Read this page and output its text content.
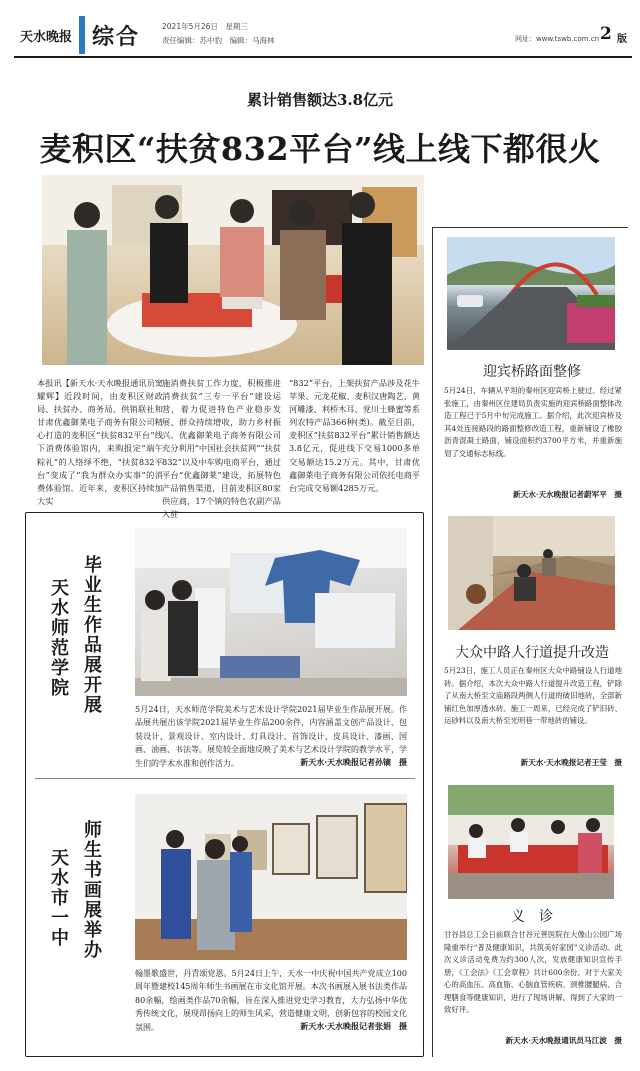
天水晚报 综合	2021年5月26日　星期三
责任编辑：苏中豹　编辑：马海林	网址：www.tswb.com.cn 2 版
累计销售额达3.8亿元
麦积区“扶贫832平台”线上线下都很火
本报讯【新天水·天水晚报通讯员窦耀辉】近段时间，由麦积区财政局、扶贫办、商务局、供销联社和甘肃优鑫御莱电子商务有限公司精心打造的麦积区“扶贫832平台”线下消费体验馆内，来购报定“端午粽礼”的人络绎不绝，“扶贫832平台”变成了“我为群众办实事”的消费体验馆。近年来，麦积区持续加大实
施消费扶贫工作力度，积极推进消费扶贫“三专一平台”建设运营，着力促进特色产业稳步发展、群众持续增收，助力乡村振兴。优鑫御莱电子商务有限公司充分利用“中国社会扶贫网”“扶贫832”以及中车购电商平台，通过平台“优鑫御莱”建设，拓展特色产品销售渠道，目前麦积区80家供应商，17个镇的特色农副产品入驻
“832”平台，上架扶贫产品涉及花牛苹果、元龙花椒、麦积汉唐陶艺、黄河雕漆、利桥木耳、党川土蜂蜜等系列农特产品366种(类)。截至目前，麦积区“扶贫832平台”累计销售额达3.8亿元，促进线下交易1000多单交易额达15.2万元。其中，甘肃优鑫御莱电子商务有限公司依托电商平台完成交易额4285万元。
毕业生作品展开展
天水师范学院
5月24日，天水师范学院美术与艺术设计学院2021届毕业生作品展开展。作品展共展出该学院2021届毕业生作品200余件，内容涵盖文创产品设计、包装设计、景观设计、室内设计、灯具设计、首饰设计、皮具设计、漆画、国画、油画、书法等。展览较全面地反映了美术与艺术设计学院的教学水平，学生们的学术水准和创作活力。	新天水·天水晚报记者孙镝　摄
师生书画展举办
天水市一中
翰墨歌盛世，丹青颂党恩。5月24日上午，天水一中庆祝中国共产党成立100周年暨建校145周年师生书画展在市文化馆开展。本次书画展入展书法类作品80余幅，绘画类作品70余幅，旨在深入推进党史学习教育，大力弘扬中华优秀传统文化，展现昂扬向上的师生风采，营造健康文明，创新包容的校园文化氛围。	新天水·天水晚报记者张娟　摄
迎宾桥路面整修
5月24日，车辆从平坦的秦州区迎宾桥上驶过。经过紧张施工，由秦州区住建局负责实施的迎宾桥路面整体改造工程已于5月中旬完成施工。据介绍，此次迎宾桥及其4处连接路段的路面整修改造工程，重新铺设了橡胶沥青混凝土路面，铺设面积约3700平方米，并重新施划了交通标志标线。
新天水·天水晚报记者蔚军平　摄
大众中路人行道提升改造
5月23日，施工人员正在秦州区大众中路铺设人行道地砖。据介绍，本次大众中路人行道提升改造工程，铲除了从南大桥至文庙路段两侧人行道的破旧地砖，全部新铺红色加厚透水砖。施工一周来，已经完成了铲旧砖、运砂料以及南大桥至光明巷一带地砖的铺设。
新天水·天水晚报记者王莹　摄
义　诊
甘谷县总工会日前联合甘谷元善医院在大像山公园广场隆重举行“普及健康知识，共筑美好家园”义诊活动。此次义诊活动免费为约300人次，发放健康知识宣传手册，《工会法》《工会章程》共计600余份。对于大家关心的高血压、高血脂、心脑血管疾病、颈椎腰腿病、合理膳食等健康知识，进行了现场讲解，得到了大家的一致好评。
新天水·天水晚报通讯员马江波　摄
